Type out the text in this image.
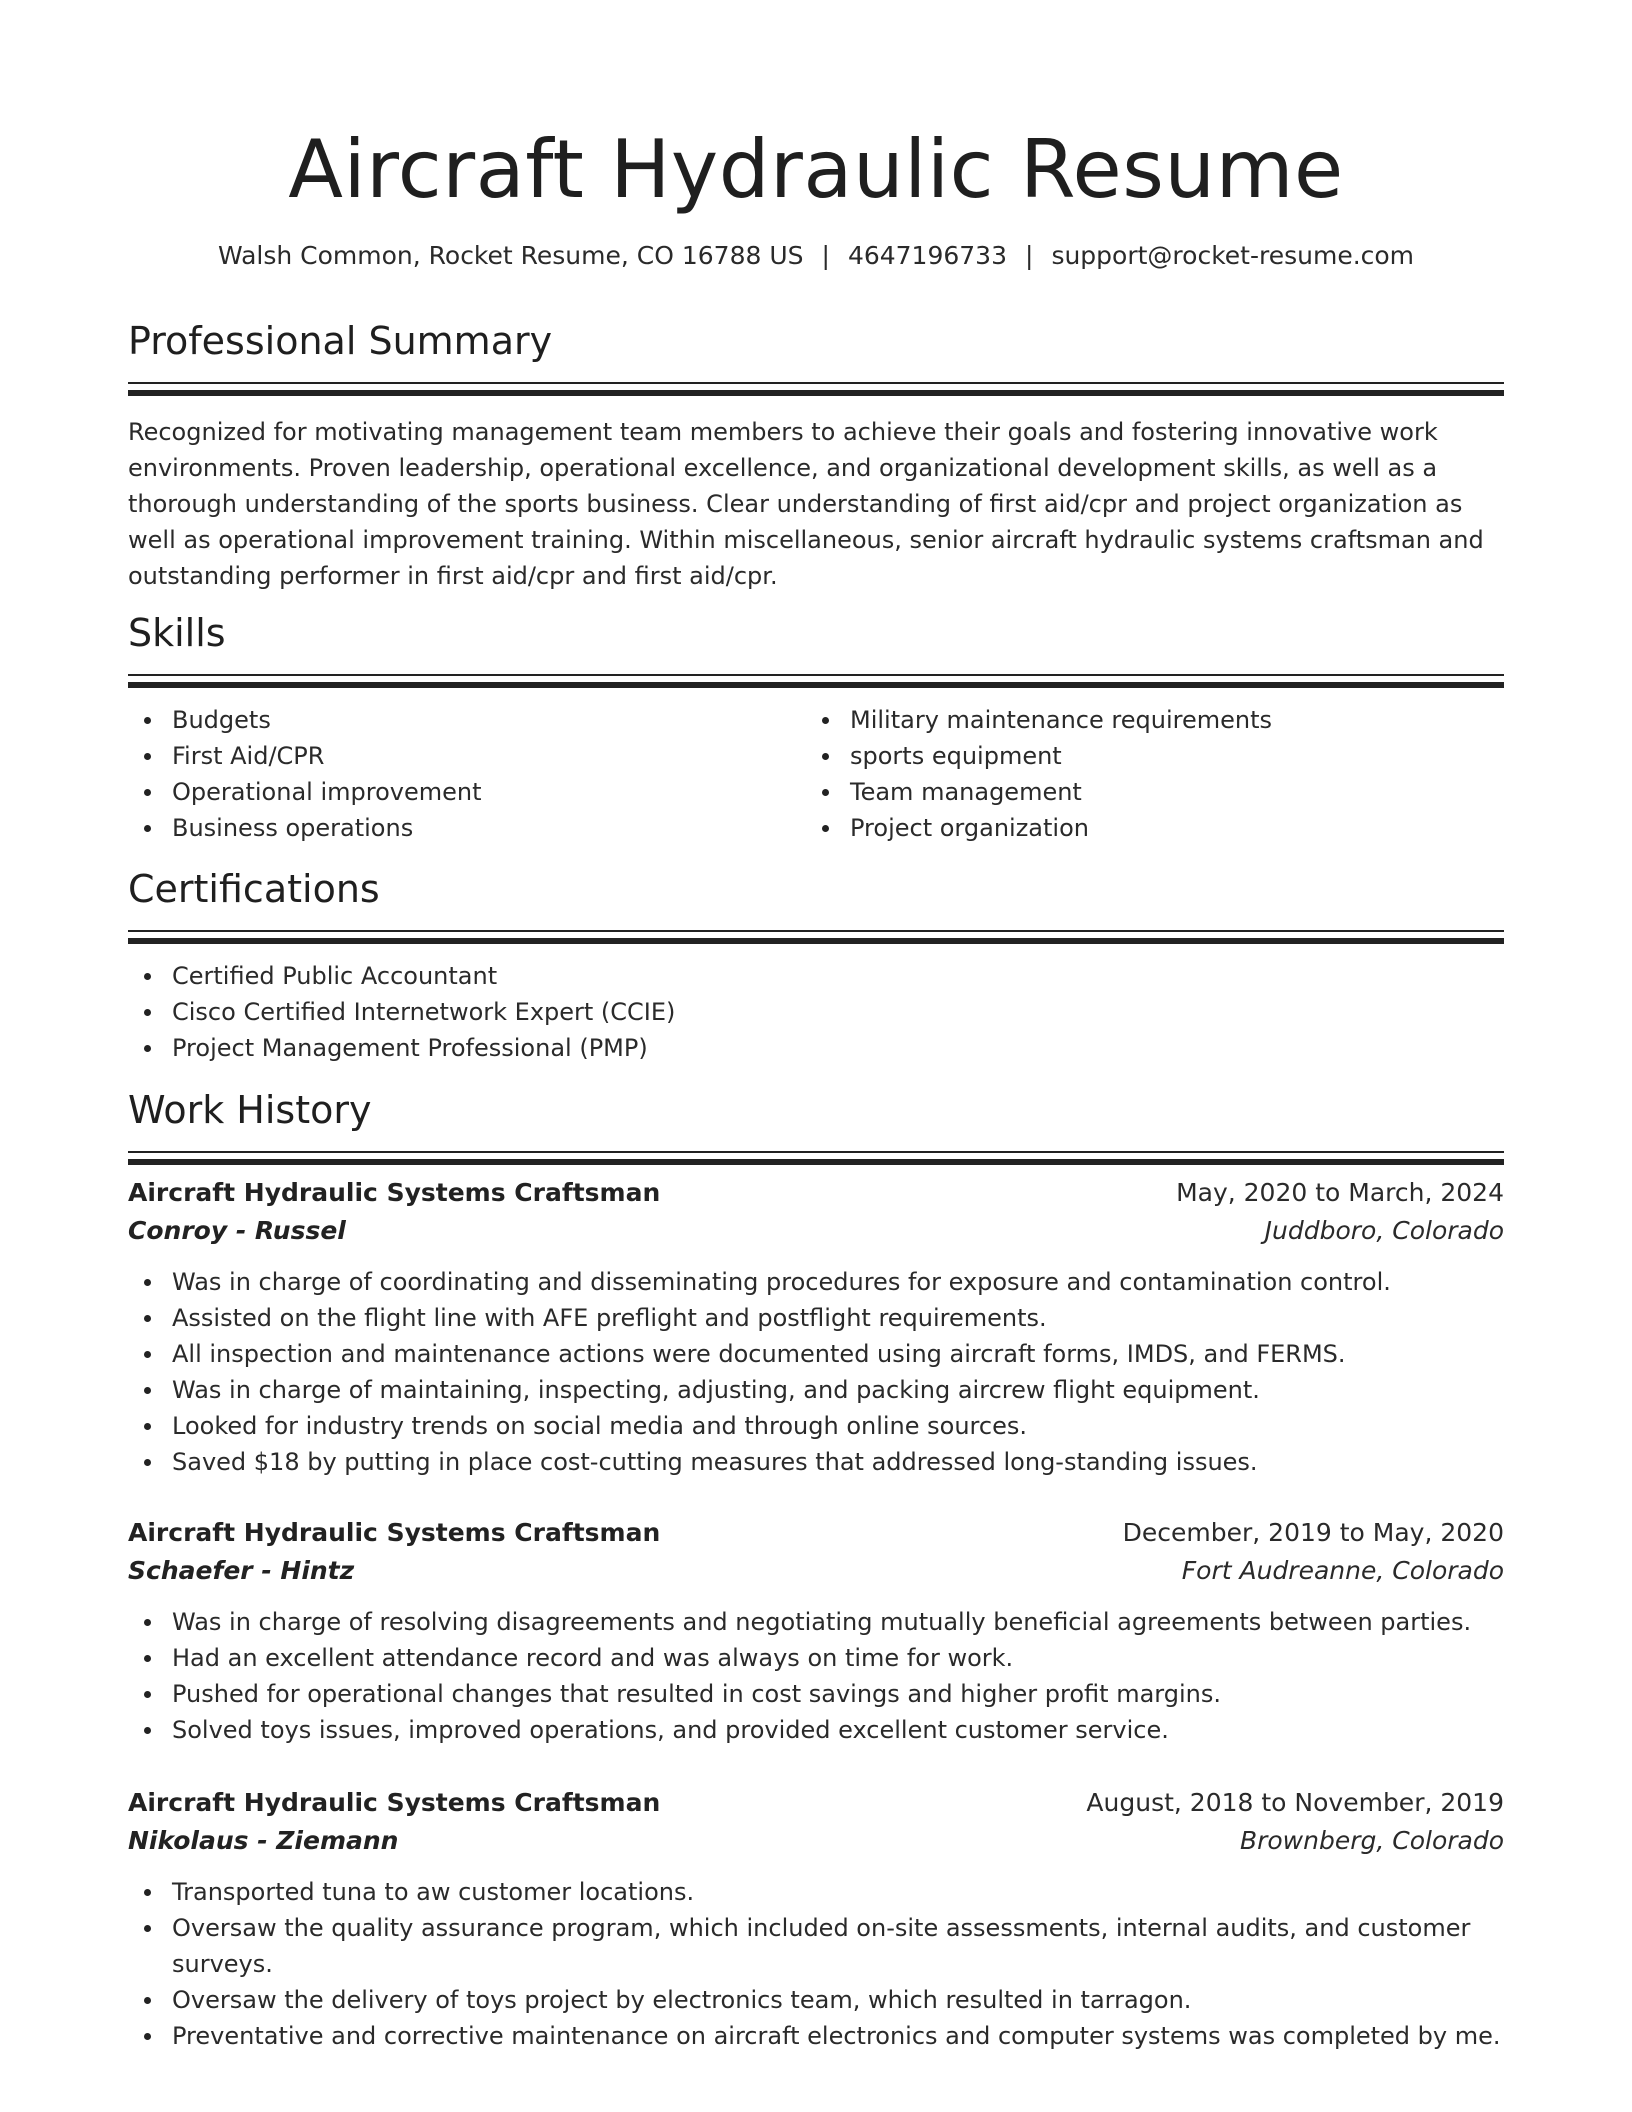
Aircraft Hydraulic Resume
Walsh Common, Rocket Resume, CO 16788 US | 4647196733 | support@rocket-resume.com
Professional Summary
Recognized for motivating management team members to achieve their goals and fostering innovative work environments. Proven leadership, operational excellence, and organizational development skills, as well as a thorough understanding of the sports business. Clear understanding of first aid/cpr and project organization as well as operational improvement training. Within miscellaneous, senior aircraft hydraulic systems craftsman and outstanding performer in first aid/cpr and first aid/cpr.
Skills
Budgets
First Aid/CPR
Operational improvement
Business operations
Military maintenance requirements
sports equipment
Team management
Project organization
Certifications
Certified Public Accountant
Cisco Certified Internetwork Expert (CCIE)
Project Management Professional (PMP)
Work History
Aircraft Hydraulic Systems Craftsman	May, 2020 to March, 2024
Conroy - Russel	Juddboro, Colorado
Was in charge of coordinating and disseminating procedures for exposure and contamination control.
Assisted on the flight line with AFE preflight and postflight requirements.
All inspection and maintenance actions were documented using aircraft forms, IMDS, and FERMS.
Was in charge of maintaining, inspecting, adjusting, and packing aircrew flight equipment.
Looked for industry trends on social media and through online sources.
Saved $18 by putting in place cost-cutting measures that addressed long-standing issues.
Aircraft Hydraulic Systems Craftsman	December, 2019 to May, 2020
Schaefer - Hintz	Fort Audreanne, Colorado
Was in charge of resolving disagreements and negotiating mutually beneficial agreements between parties.
Had an excellent attendance record and was always on time for work.
Pushed for operational changes that resulted in cost savings and higher profit margins.
Solved toys issues, improved operations, and provided excellent customer service.
Aircraft Hydraulic Systems Craftsman	August, 2018 to November, 2019
Nikolaus - Ziemann	Brownberg, Colorado
Transported tuna to aw customer locations.
Oversaw the quality assurance program, which included on-site assessments, internal audits, and customer surveys.
Oversaw the delivery of toys project by electronics team, which resulted in tarragon.
Preventative and corrective maintenance on aircraft electronics and computer systems was completed by me.
